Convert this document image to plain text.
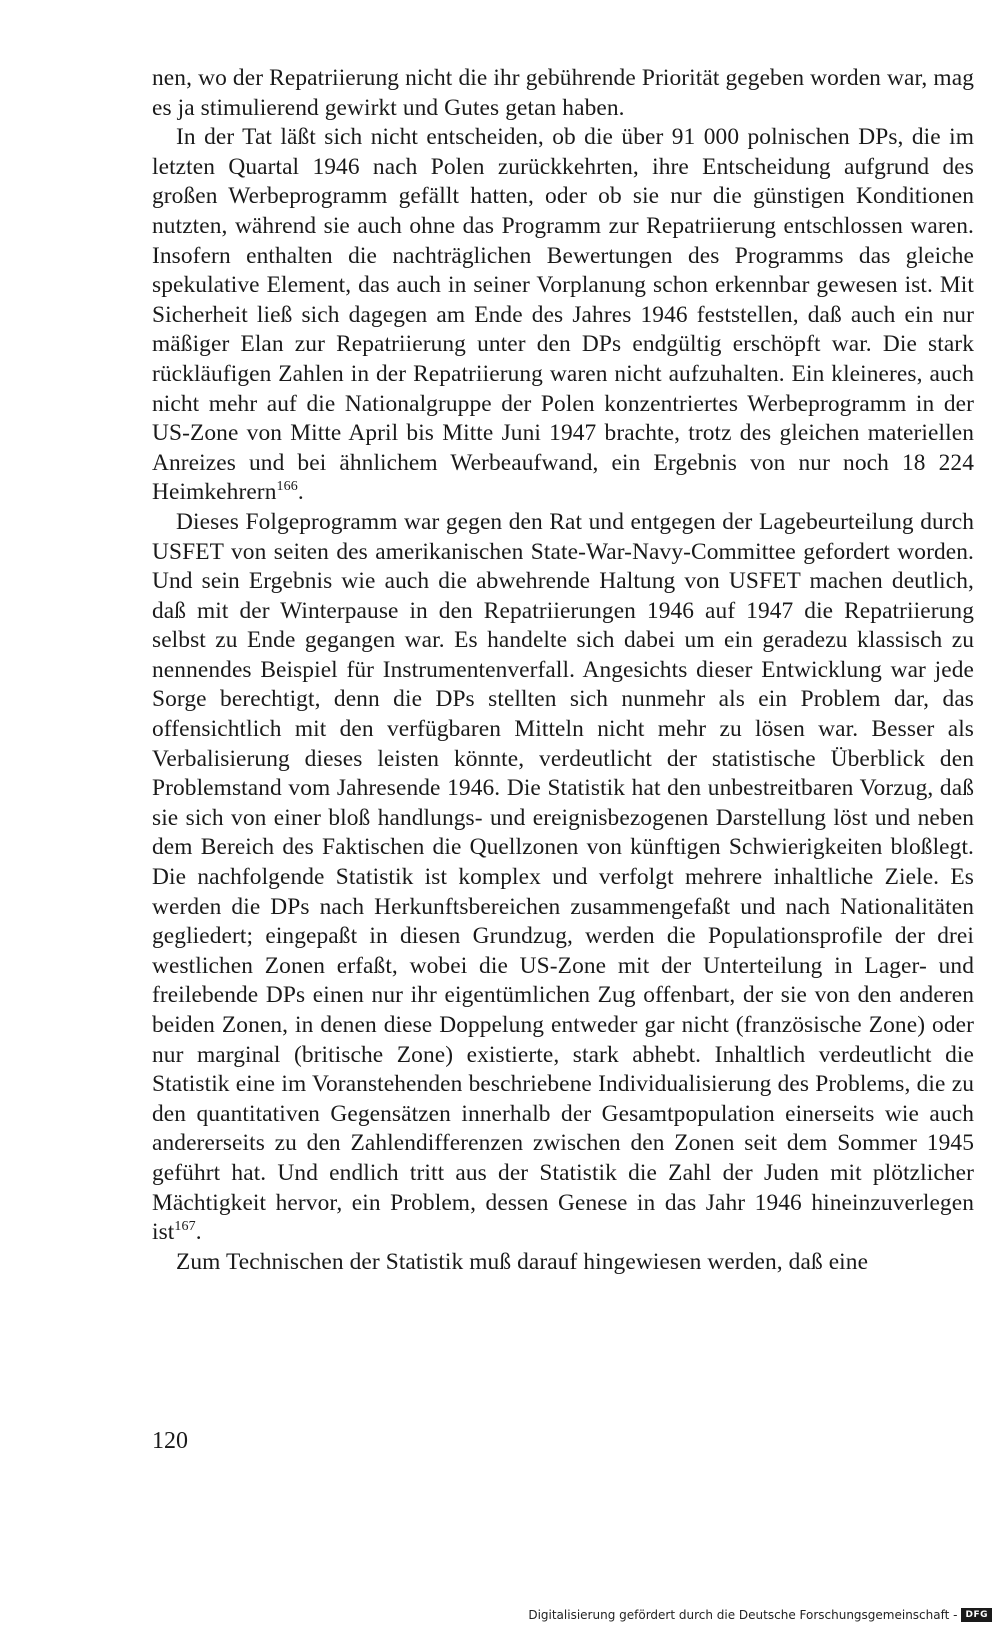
nen, wo der Repatriierung nicht die ihr gebührende Priorität gegeben worden war, mag es ja stimulierend gewirkt und Gutes getan haben.

In der Tat läßt sich nicht entscheiden, ob die über 91 000 polnischen DPs, die im letzten Quartal 1946 nach Polen zurückkehrten, ihre Entscheidung aufgrund des großen Werbeprogramm gefällt hatten, oder ob sie nur die günstigen Konditionen nutzten, während sie auch ohne das Programm zur Repatriierung entschlossen waren. Insofern enthalten die nachträglichen Bewertungen des Programms das gleiche spekulative Element, das auch in seiner Vorplanung schon erkennbar gewesen ist. Mit Sicherheit ließ sich dagegen am Ende des Jahres 1946 feststellen, daß auch ein nur mäßiger Elan zur Repatriierung unter den DPs endgültig erschöpft war. Die stark rückläufigen Zahlen in der Repatriierung waren nicht aufzuhalten. Ein kleineres, auch nicht mehr auf die Nationalgruppe der Polen konzentriertes Werbeprogramm in der US-Zone von Mitte April bis Mitte Juni 1947 brachte, trotz des gleichen materiellen Anreizes und bei ähnlichem Werbeaufwand, ein Ergebnis von nur noch 18 224 Heimkehrern$^{166}$.

Dieses Folgeprogramm war gegen den Rat und entgegen der Lagebeurteilung durch USFET von seiten des amerikanischen State-War-Navy-Committee gefordert worden. Und sein Ergebnis wie auch die abwehrende Haltung von USFET machen deutlich, daß mit der Winterpause in den Repatriierungen 1946 auf 1947 die Repatriierung selbst zu Ende gegangen war. Es handelte sich dabei um ein geradezu klassisch zu nennendes Beispiel für Instrumentenverfall. Angesichts dieser Entwicklung war jede Sorge berechtigt, denn die DPs stellten sich nunmehr als ein Problem dar, das offensichtlich mit den verfügbaren Mitteln nicht mehr zu lösen war. Besser als Verbalisierung dieses leisten könnte, verdeutlicht der statistische Überblick den Problemstand vom Jahresende 1946. Die Statistik hat den unbestreitbaren Vorzug, daß sie sich von einer bloß handlungs- und ereignisbezogenen Darstellung löst und neben dem Bereich des Faktischen die Quellzonen von künftigen Schwierigkeiten bloßlegt. Die nachfolgende Statistik ist komplex und verfolgt mehrere inhaltliche Ziele. Es werden die DPs nach Herkunftsbereichen zusammengefaßt und nach Nationalitäten gegliedert; eingepaßt in diesen Grundzug, werden die Populationsprofile der drei westlichen Zonen erfaßt, wobei die US-Zone mit der Unterteilung in Lager- und freilebende DPs einen nur ihr eigentümlichen Zug offenbart, der sie von den anderen beiden Zonen, in denen diese Doppelung entweder gar nicht (französische Zone) oder nur marginal (britische Zone) existierte, stark abhebt. Inhaltlich verdeutlicht die Statistik eine im Voranstehenden beschriebene Individualisierung des Problems, die zu den quantitativen Gegensätzen innerhalb der Gesamtpopulation einerseits wie auch andererseits zu den Zahlendifferenzen zwischen den Zonen seit dem Sommer 1945 geführt hat. Und endlich tritt aus der Statistik die Zahl der Juden mit plötzlicher Mächtigkeit hervor, ein Problem, dessen Genese in das Jahr 1946 hineinzuverlegen ist$^{167}$.

Zum Technischen der Statistik muß darauf hingewiesen werden, daß eine

120

Digitalisierung gefördert durch die Deutsche Forschungsgemeinschaft - DFG
